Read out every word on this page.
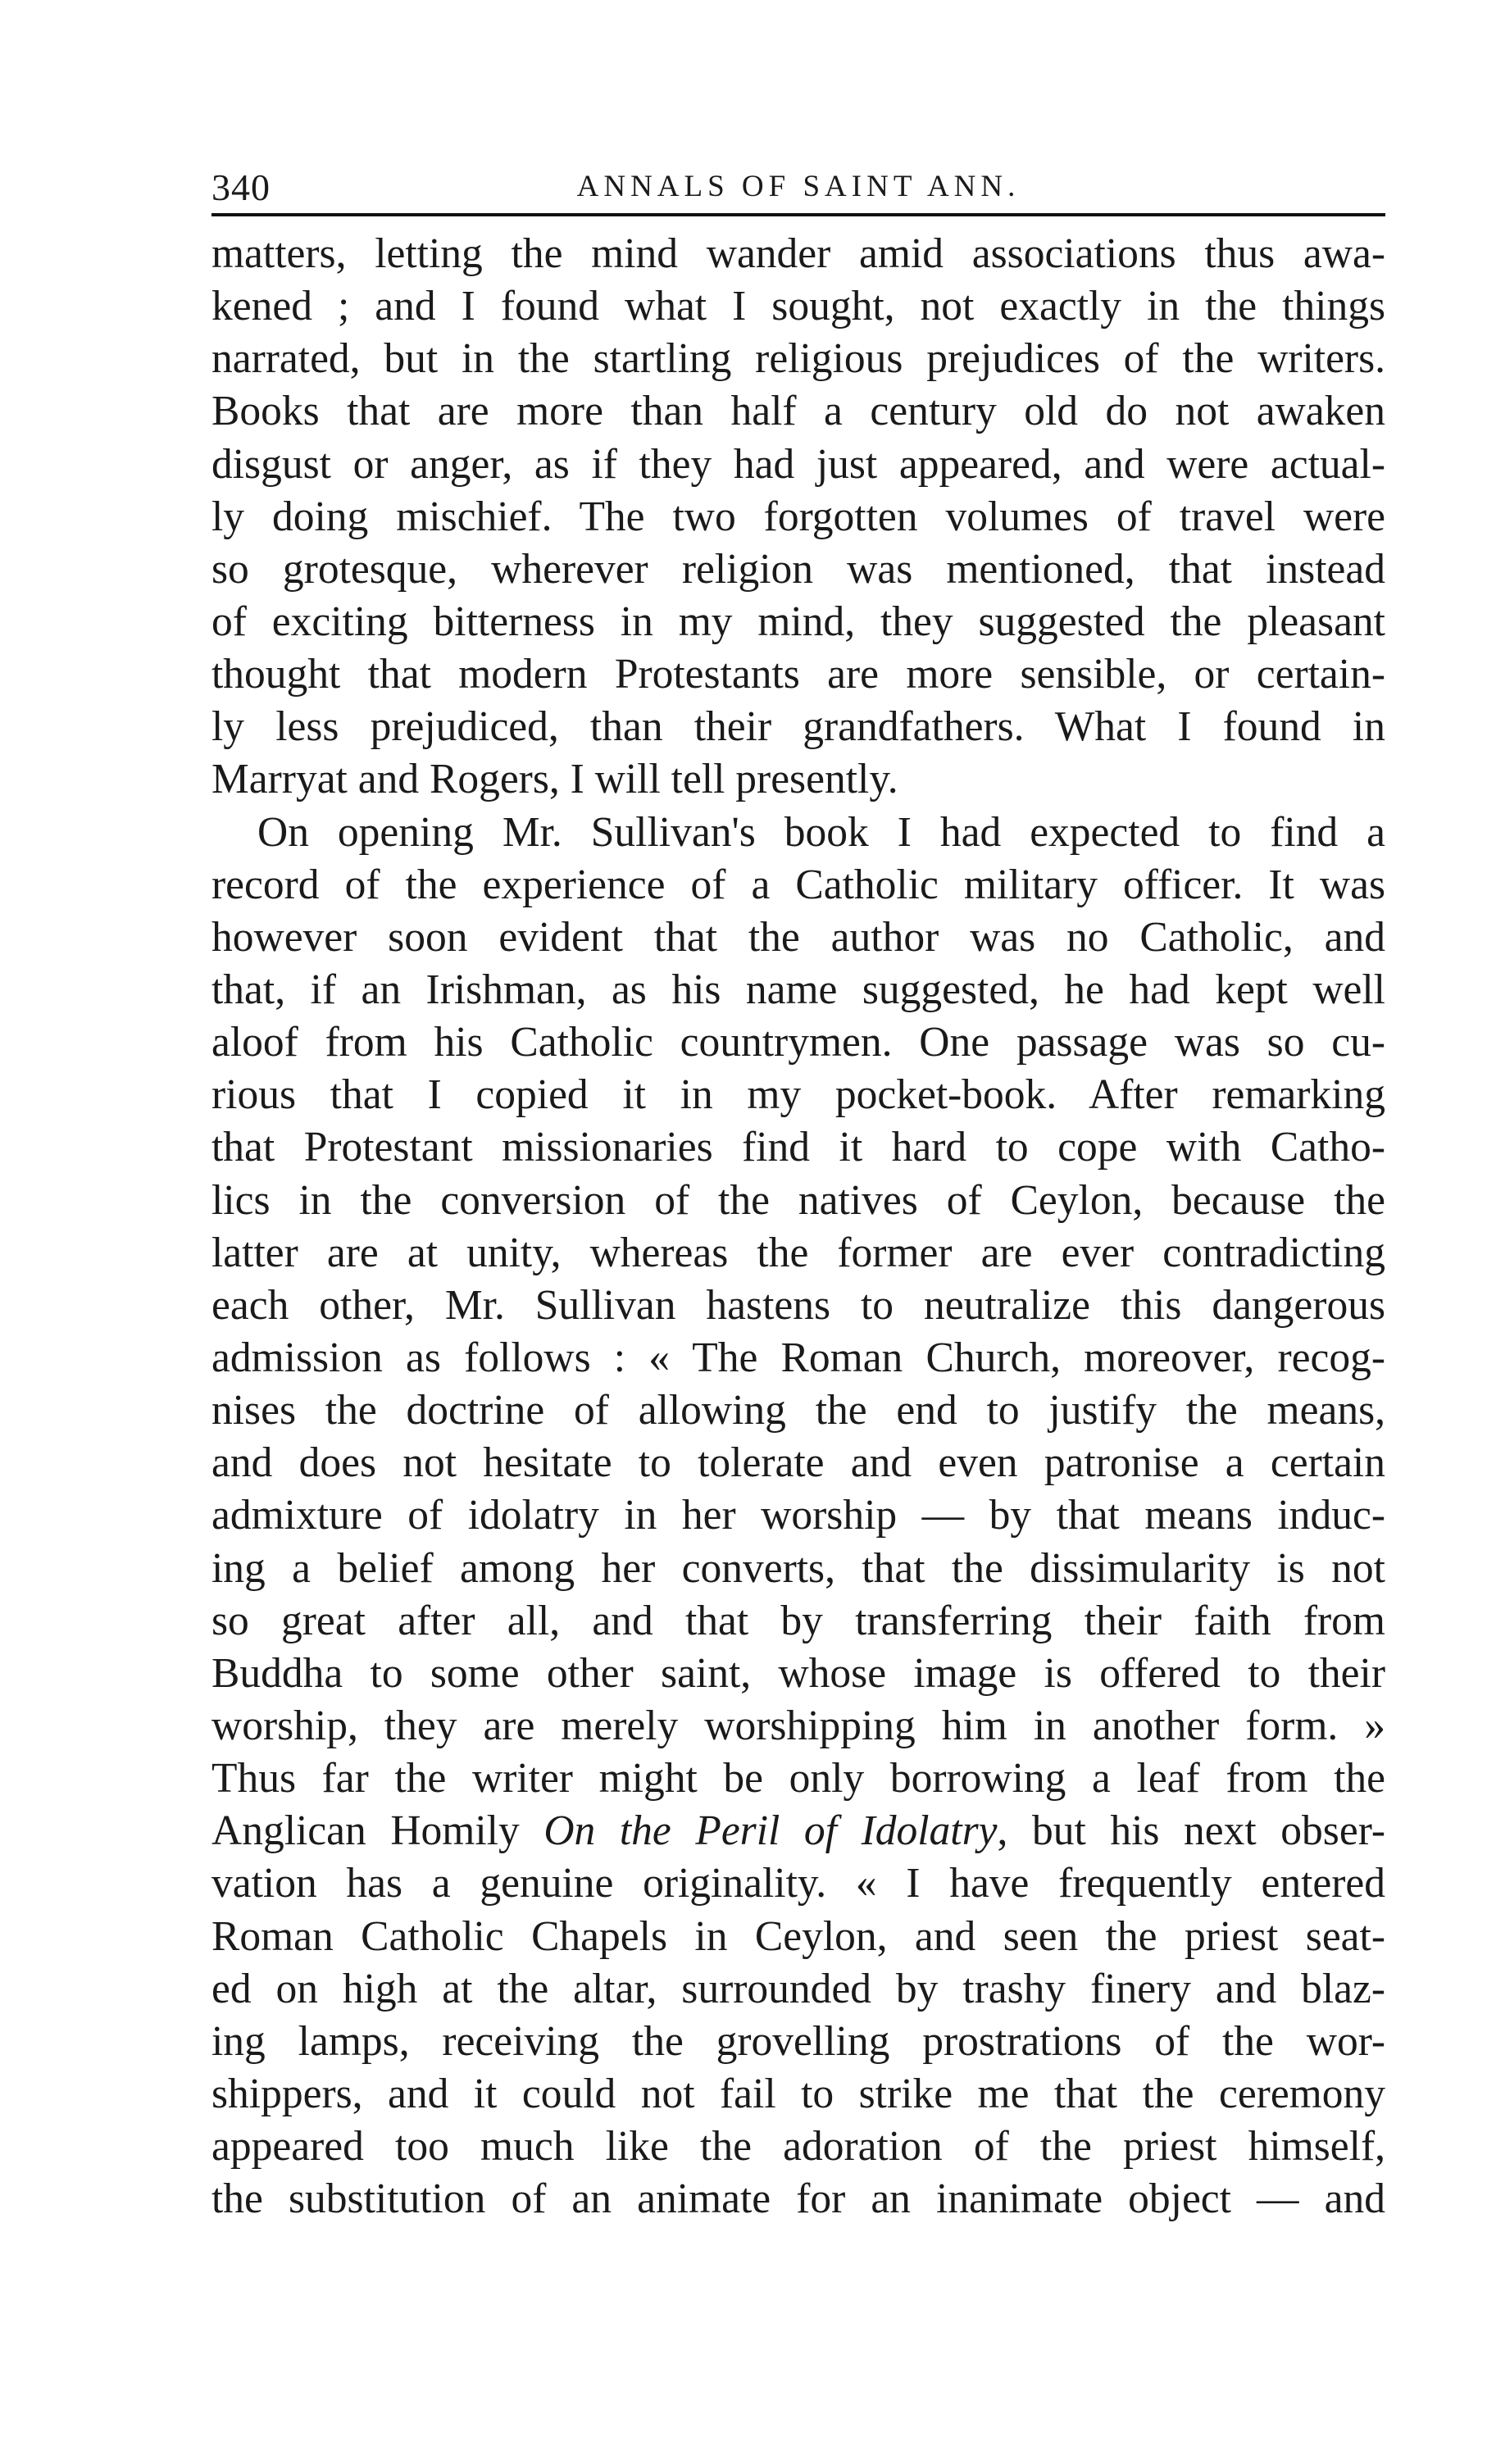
340	ANNALS OF SAINT ANN.
matters, letting the mind wander amid associations thus awa-
kened ; and I found what I sought, not exactly in the things
narrated, but in the startling religious prejudices of the writers.
Books that are more than half a century old do not awaken
disgust or anger, as if they had just appeared, and were actual-
ly doing mischief. The two forgotten volumes of travel were
so grotesque, wherever religion was mentioned, that instead
of exciting bitterness in my mind, they suggested the pleasant
thought that modern Protestants are more sensible, or certain-
ly less prejudiced, than their grandfathers. What I found in
Marryat and Rogers, I will tell presently.
On opening Mr. Sullivan's book I had expected to find a
record of the experience of a Catholic military officer. It was
however soon evident that the author was no Catholic, and
that, if an Irishman, as his name suggested, he had kept well
aloof from his Catholic countrymen. One passage was so cu-
rious that I copied it in my pocket-book. After remarking
that Protestant missionaries find it hard to cope with Catho-
lics in the conversion of the natives of Ceylon, because the
latter are at unity, whereas the former are ever contradicting
each other, Mr. Sullivan hastens to neutralize this dangerous
admission as follows : « The Roman Church, moreover, recog-
nises the doctrine of allowing the end to justify the means,
and does not hesitate to tolerate and even patronise a certain
admixture of idolatry in her worship — by that means induc-
ing a belief among her converts, that the dissimularity is not
so great after all, and that by transferring their faith from
Buddha to some other saint, whose image is offered to their
worship, they are merely worshipping him in another form. »
Thus far the writer might be only borrowing a leaf from the
Anglican Homily On the Peril of Idolatry, but his next obser-
vation has a genuine originality. « I have frequently entered
Roman Catholic Chapels in Ceylon, and seen the priest seat-
ed on high at the altar, surrounded by trashy finery and blaz-
ing lamps, receiving the grovelling prostrations of the wor-
shippers, and it could not fail to strike me that the ceremony
appeared too much like the adoration of the priest himself,
the substitution of an animate for an inanimate object — and
